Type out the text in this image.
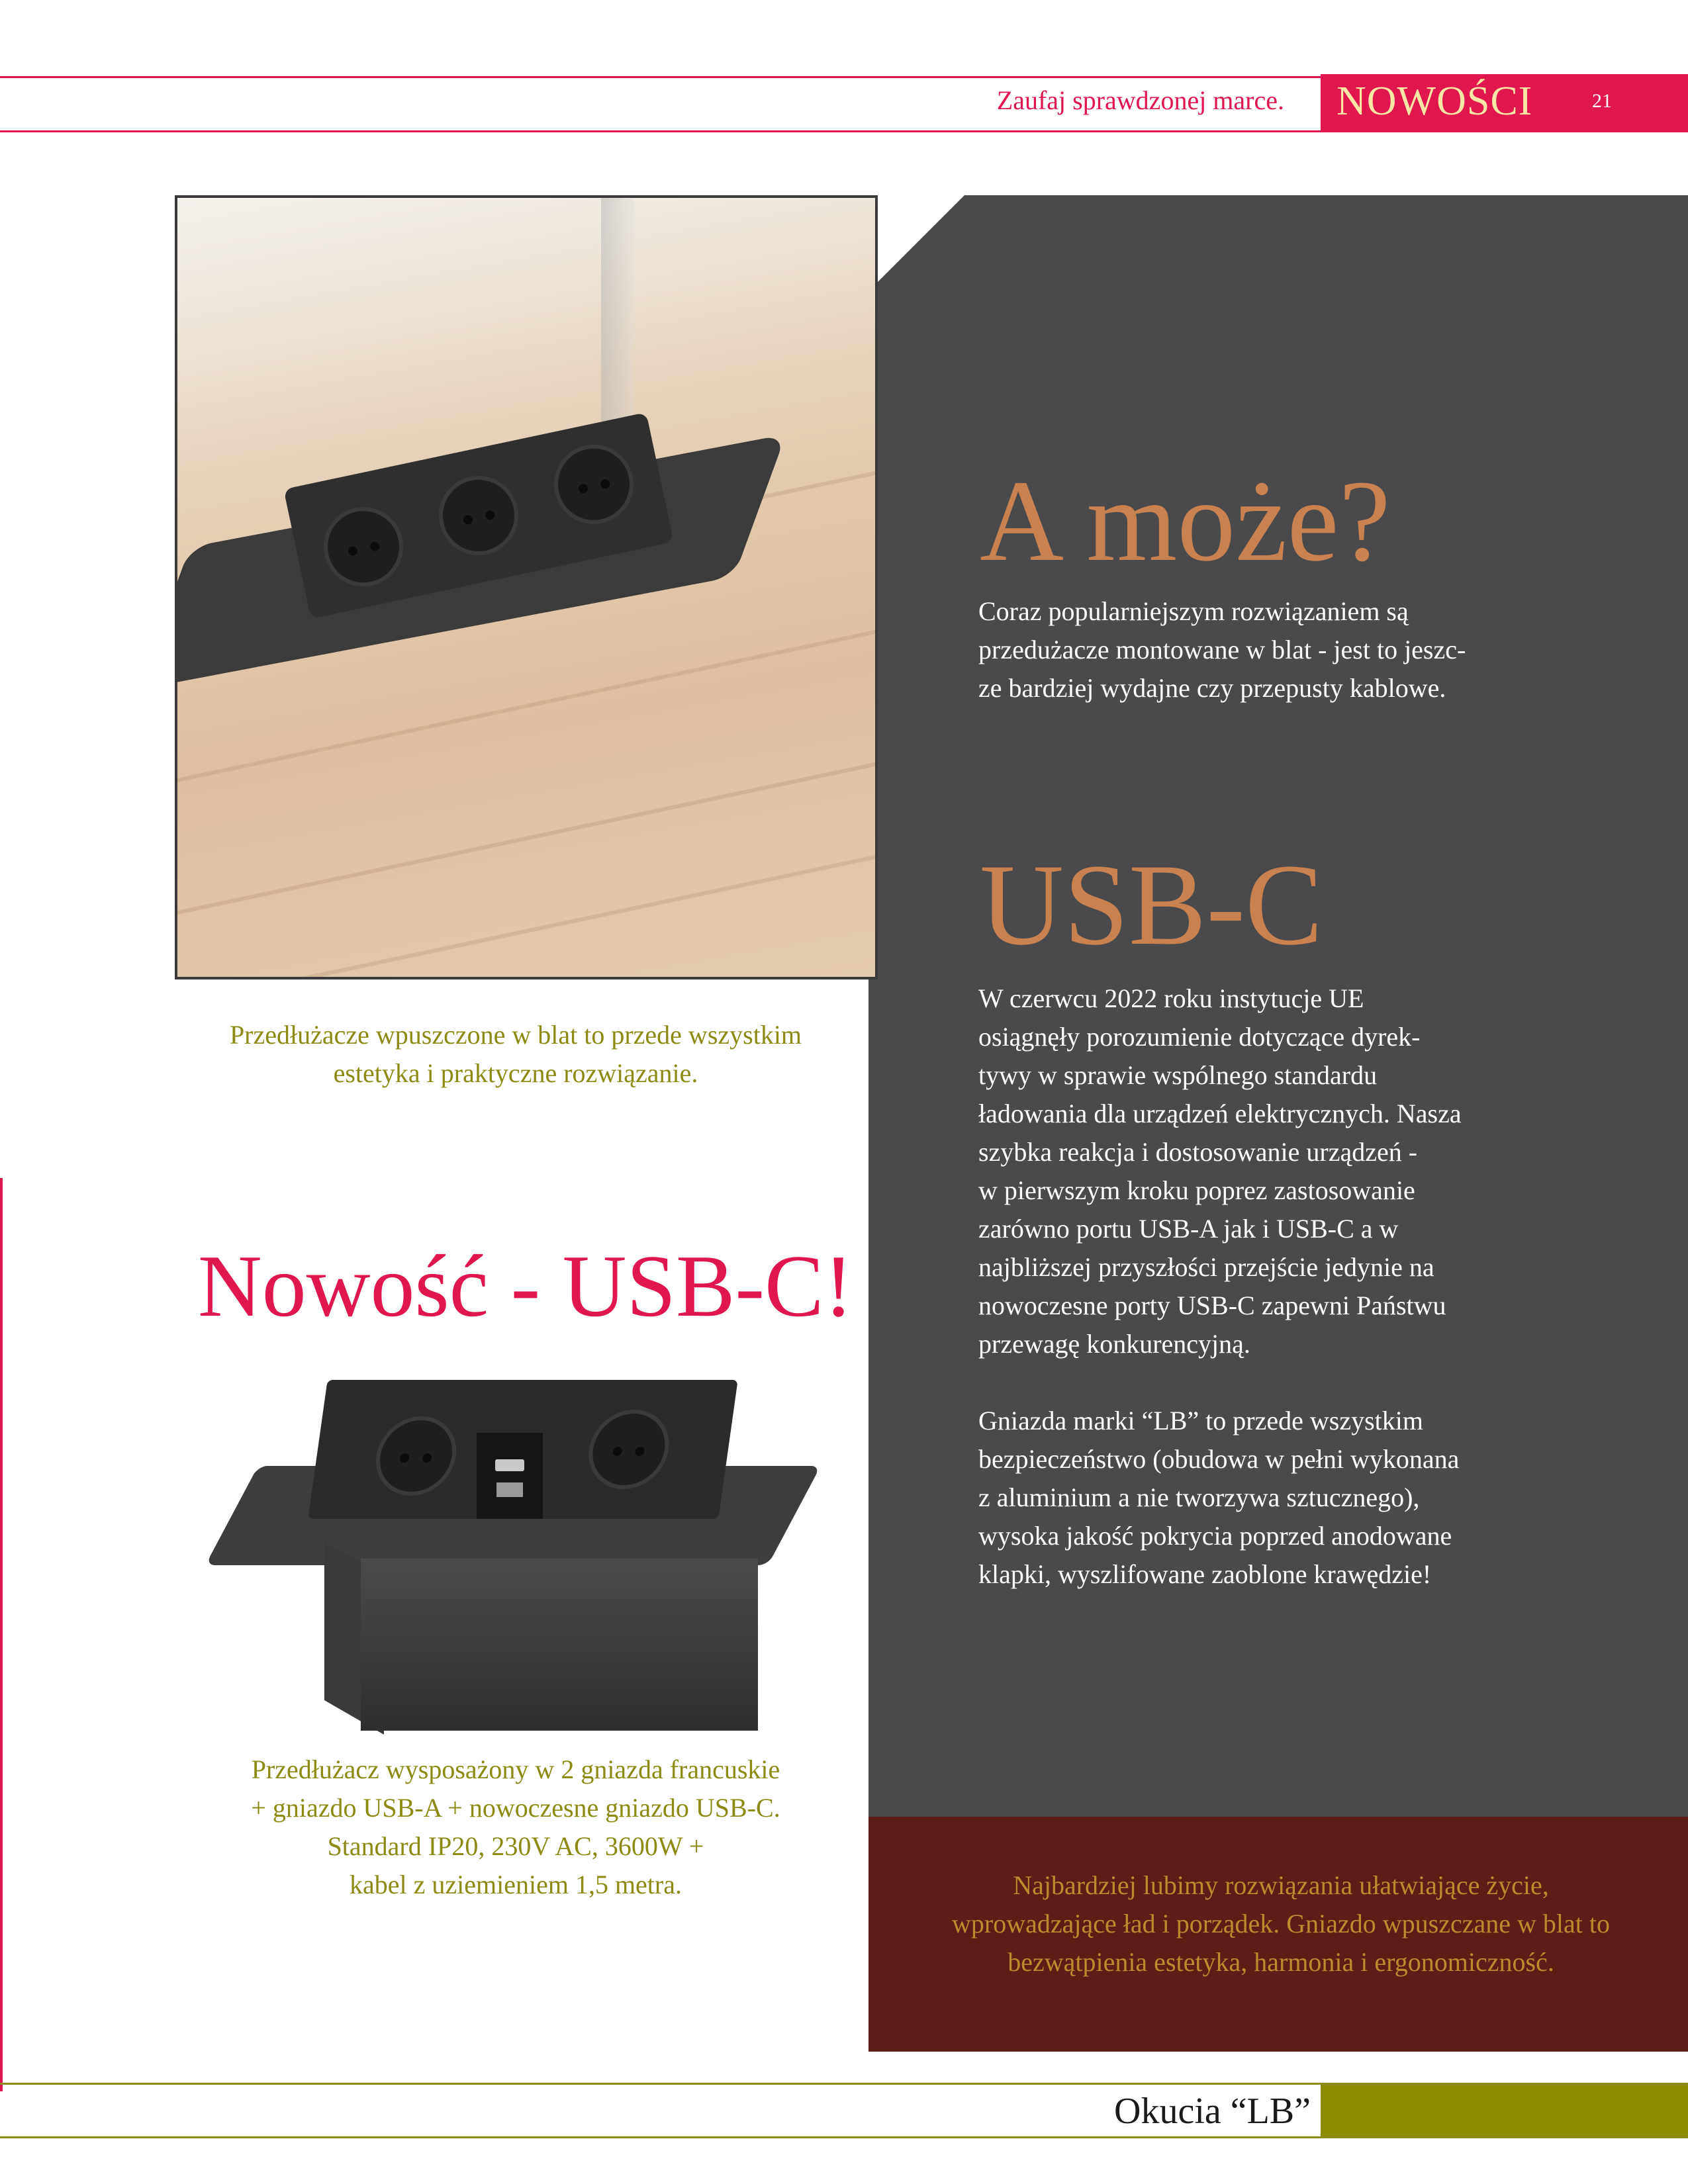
Zaufaj sprawdzonej marce. NOWOŚCI	21
A może?
Coraz popularniejszym rozwiązaniem są
przedużacze montowane w blat - jest to jeszc-
ze bardziej wydajne czy przepusty kablowe.
USB-C
W czerwcu 2022 roku instytucje UE
osiągnęły porozumienie dotyczące dyrek-
tywy w sprawie wspólnego standardu
ładowania dla urządzeń elektrycznych. Nasza
szybka reakcja i dostosowanie urządzeń -
w pierwszym kroku poprez zastosowanie
zarówno portu USB-A jak i USB-C a w
najbliższej przyszłości przejście jedynie na
nowoczesne porty USB-C zapewni Państwu
przewagę konkurencyjną.
Gniazda marki “LB” to przede wszystkim
bezpieczeństwo (obudowa w pełni wykonana
z aluminium a nie tworzywa sztucznego),
wysoka jakość pokrycia poprzed anodowane
klapki, wyszlifowane zaoblone krawędzie!
Najbardziej lubimy rozwiązania ułatwiające życie,
wprowadzające ład i porządek. Gniazdo wpuszczane w blat to
bezwątpienia estetyka, harmonia i ergonomiczność.
Przedłużacze wpuszczone w blat to przede wszystkim
estetyka i praktyczne rozwiązanie.
Nowość - USB-C!
Przedłużacz wysposażony w 2 gniazda francuskie
+ gniazdo USB-A + nowoczesne gniazdo USB-C.
Standard IP20, 230V AC, 3600W +
kabel z uziemieniem 1,5 metra.
Okucia “LB”
